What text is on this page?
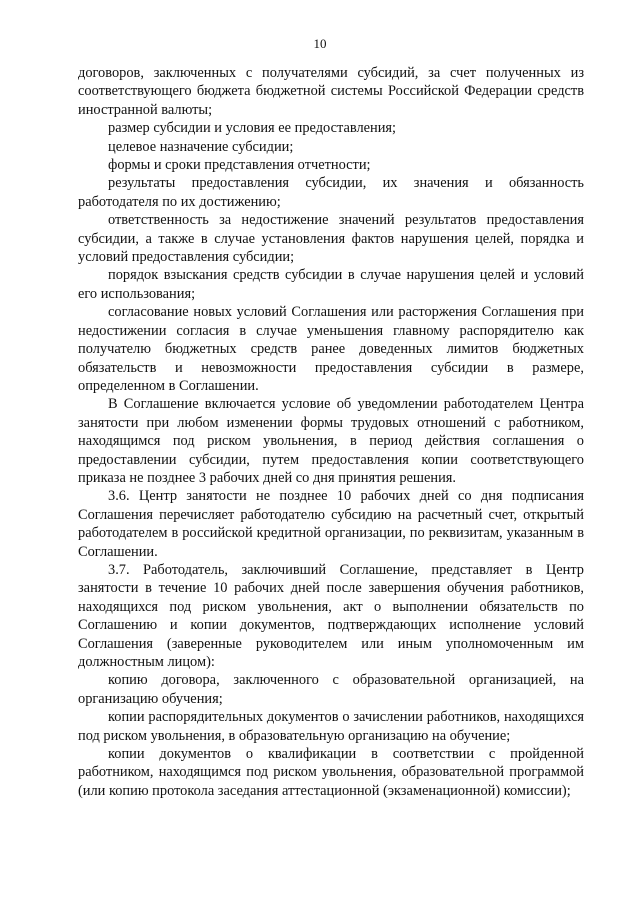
10

договоров, заключенных с получателями субсидий, за счет полученных из соответствующего бюджета бюджетной системы Российской Федерации средств иностранной валюты;

размер субсидии и условия ее предоставления;

целевое назначение субсидии;

формы и сроки представления отчетности;

результаты предоставления субсидии, их значения и обязанность работодателя по их достижению;

ответственность за недостижение значений результатов предоставления субсидии, а также в случае установления фактов нарушения целей, порядка и условий предоставления субсидии;

порядок взыскания средств субсидии в случае нарушения целей и условий его использования;

согласование новых условий Соглашения или расторжения Соглашения при недостижении согласия в случае уменьшения главному распорядителю как получателю бюджетных средств ранее доведенных лимитов бюджетных обязательств и невозможности предоставления субсидии в размере, определенном в Соглашении.

В Соглашение включается условие об уведомлении работодателем Центра занятости при любом изменении формы трудовых отношений с работником, находящимся под риском увольнения, в период действия соглашения о предоставлении субсидии, путем предоставления копии соответствующего приказа не позднее 3 рабочих дней со дня принятия решения.

3.6. Центр занятости не позднее 10 рабочих дней со дня подписания Соглашения перечисляет работодателю субсидию на расчетный счет, открытый работодателем в российской кредитной организации, по реквизитам, указанным в Соглашении.

3.7. Работодатель, заключивший Соглашение, представляет в Центр занятости в течение 10 рабочих дней после завершения обучения работников, находящихся под риском увольнения, акт о выполнении обязательств по Соглашению и копии документов, подтверждающих исполнение условий Соглашения (заверенные руководителем или иным уполномоченным им должностным лицом):

копию договора, заключенного с образовательной организацией, на организацию обучения;

копии распорядительных документов о зачислении работников, находящихся под риском увольнения, в образовательную организацию на обучение;

копии документов о квалификации в соответствии с пройденной работником, находящимся под риском увольнения, образовательной программой (или копию протокола заседания аттестационной (экзаменационной) комиссии);
